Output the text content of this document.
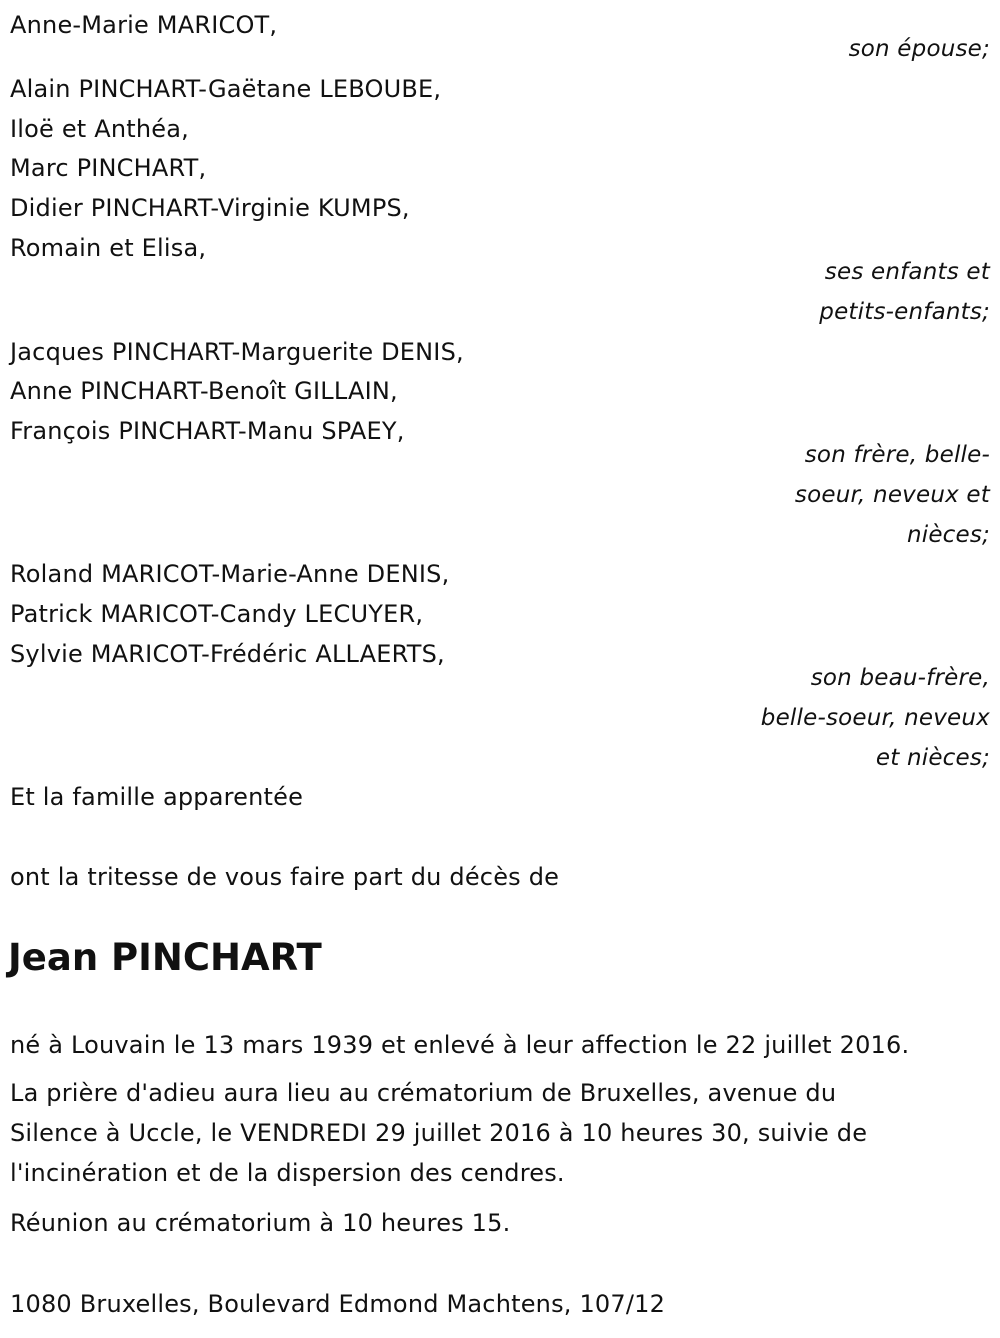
Anne-Marie MARICOT,
son épouse;
Alain PINCHART-Gaëtane LEBOUBE,
Iloë et Anthéa,
Marc PINCHART,
Didier PINCHART-Virginie KUMPS,
Romain et Elisa,
ses enfants et
petits-enfants;
Jacques PINCHART-Marguerite DENIS,
Anne PINCHART-Benoît GILLAIN,
François PINCHART-Manu SPAEY,
son frère, belle-
soeur, neveux et
nièces;
Roland MARICOT-Marie-Anne DENIS,
Patrick MARICOT-Candy LECUYER,
Sylvie MARICOT-Frédéric ALLAERTS,
son beau-frère,
belle-soeur, neveux
et nièces;
Et la famille apparentée
ont la tritesse de vous faire part du décès de
Jean PINCHART
né à Louvain le 13 mars 1939 et enlevé à leur affection le 22 juillet 2016.
La prière d'adieu aura lieu au crématorium de Bruxelles, avenue du
Silence à Uccle, le VENDREDI 29 juillet 2016 à 10 heures 30, suivie de
l'incinération et de la dispersion des cendres.
Réunion au crématorium à 10 heures 15.
1080 Bruxelles, Boulevard Edmond Machtens, 107/12
